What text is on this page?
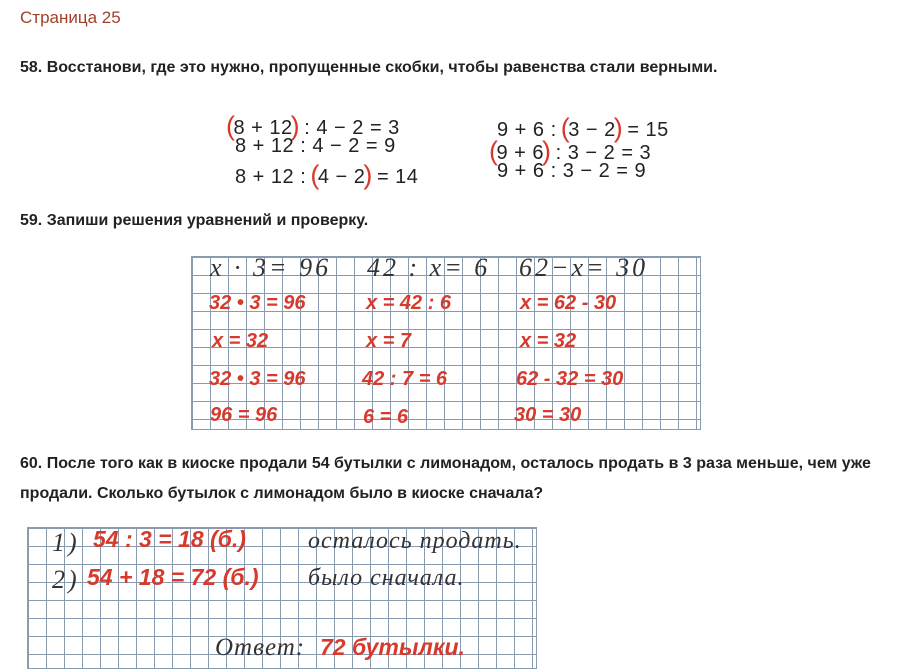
Страница 25
58. Восстанови, где это нужно, пропущенные скобки, чтобы равенства стали верными.
(8 + 12) : 4 − 2 = 3
8 + 12 : 4 − 2 = 9
8 + 12 : (4 − 2) = 14
9 + 6 : (3 − 2) = 15
(9 + 6) : 3 − 2 = 3
9 + 6 : 3 − 2 = 9
59. Запиши решения уравнений и проверку.
x · 3= 96 42 : x= 6 62−x= 30
32 • 3 = 96
x = 32
32 • 3 = 96
96 = 96
x = 42 : 6
x = 7
42 : 7 = 6
6 = 6
x = 62 - 30
x = 32
62 - 32 = 30
30 = 30
60. После того как в киоске продали 54 бутылки с лимонадом, осталось продать в 3 раза меньше, чем уже продали. Сколько бутылок с лимонадом было в киоске сначала?
1) 54 : 3 = 18 (б.)	осталось продать.
2) 54 + 18 = 72 (б.) было сначала.
Ответ: 72 бутылки.
